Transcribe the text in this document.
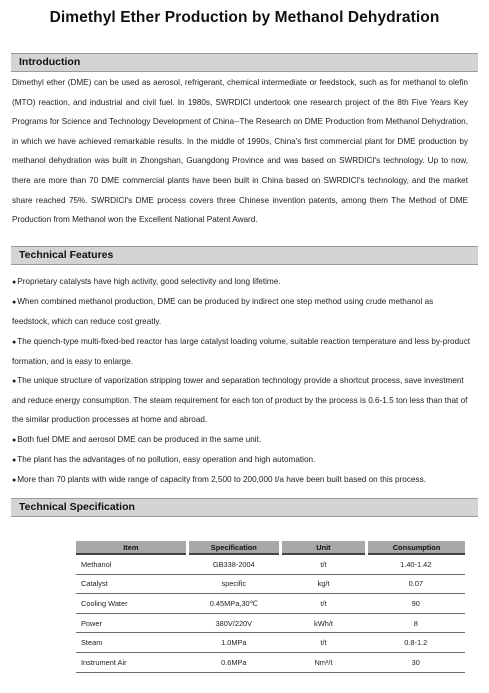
Dimethyl Ether Production by Methanol Dehydration
Introduction
Dimethyl ether (DME) can be used as aerosol, refrigerant, chemical intermediate or feedstock, such as for methanol to olefin (MTO) reaction, and industrial and civil fuel. In 1980s, SWRDICI undertook one research project of the 8th Five Years Key Programs for Science and Technology Development of China--The Research on DME Production from Methanol Dehydration, in which we have achieved remarkable results. In the middle of 1990s, China's first commercial plant for DME production by methanol dehydration was built in Zhongshan, Guangdong Province and was based on SWRDICI's technology. Up to now, there are more than 70 DME commercial plants have been built in China based on SWRDICI's technology, and the market share reached 75%. SWRDICI's DME process covers three Chinese invention patents, among them The Method of DME Production from Methanol won the Excellent National Patent Award.
Technical Features
●Proprietary catalysts have high activity, good selectivity and long lifetime.
●When combined methanol production, DME can be produced by indirect one step method using crude methanol as feedstock, which can reduce cost greatly.
●The quench-type multi-fixed-bed reactor has large catalyst loading volume, suitable reaction temperature and less by-product formation, and is easy to enlarge.
●The unique structure of vaporization stripping tower and separation technology provide a shortcut process, save investment and reduce energy consumption. The steam requirement for each ton of product by the process is 0.6-1.5 ton less than that of the similar production processes at home and abroad.
●Both fuel DME and aerosol DME can be produced in the same unit.
●The plant has the advantages of no pollution, easy operation and high automation.
●More than 70 plants with wide range of capacity from 2,500 to 200,000 t/a have been built based on this process.
Technical Specification
Item	Specification	Unit	Consumption
Methanol	GB338-2004	t/t	1.40-1.42
Catalyst	specific	kg/t	0.07
Cooling Water	0.45MPa,30℃	t/t	90
Power	380V/220V	kWh/t	8
Steam	1.0MPa	t/t	0.8-1.2
Instrument Air	0.6MPa	Nm³/t	30
